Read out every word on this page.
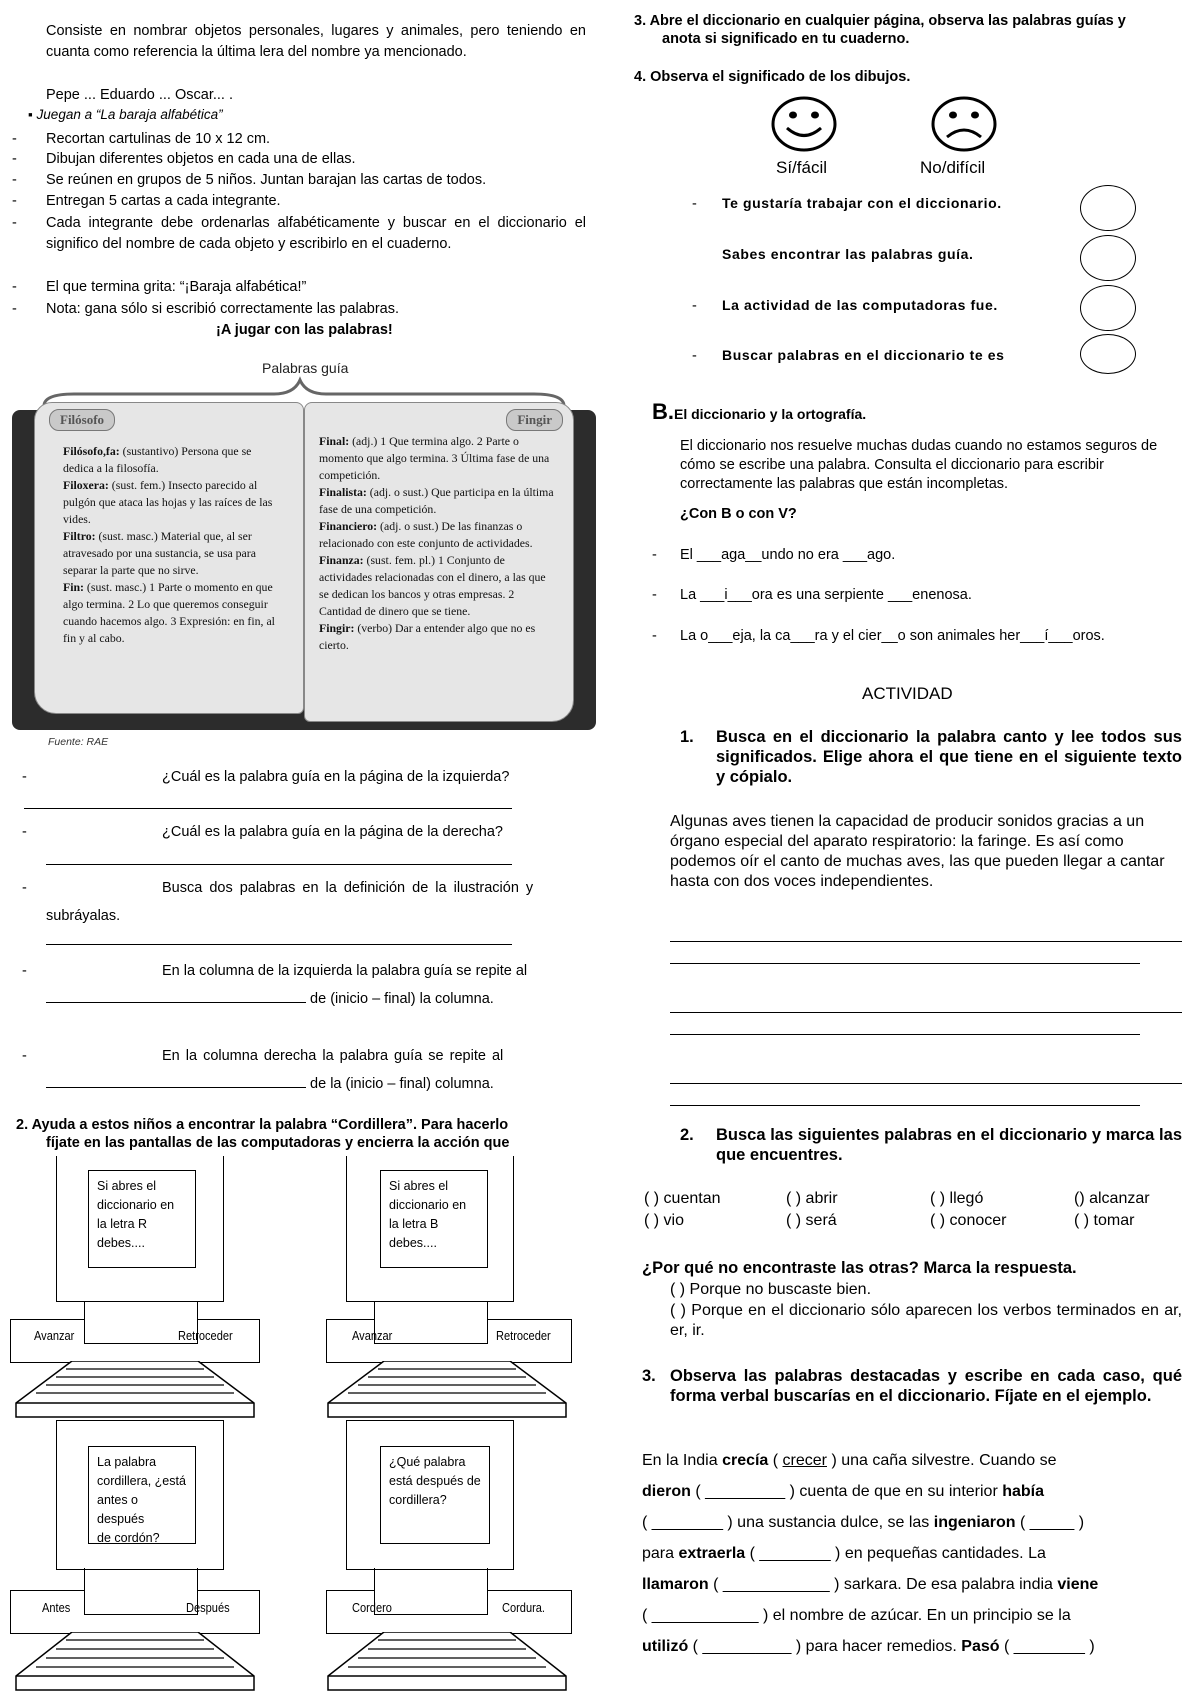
Consiste en nombrar objetos personales, lugares y animales, pero teniendo en cuanta como referencia la última lera del nombre ya mencionado.
Pepe ... Eduardo ... Oscar... .
▪ Juegan a “La baraja alfabética”
-	Recortan cartulinas de 10 x 12 cm.
-	Dibujan diferentes objetos en cada una de ellas.
-	Se reúnen en grupos de 5 niños. Juntan barajan las cartas de todos.
-	Entregan 5 cartas a cada integrante.
-	Cada integrante debe ordenarlas alfabéticamente y buscar en el diccionario el significo del nombre de cada objeto y escribirlo en el cuaderno.
-	El que termina grita: “¡Baraja alfabética!”
-	Nota: gana sólo si escribió correctamente las palabras.
¡A jugar con las palabras!
Palabras guía
Filósofo
Filósofo,fa: (sustantivo) Persona que se dedica a la filosofía.
Filoxera: (sust. fem.) Insecto parecido al pulgón que ataca las hojas y las raíces de las vides.
Filtro: (sust. masc.) Material que, al ser atravesado por una sustancia, se usa para separar la parte que no sirve.
Fin: (sust. masc.) 1 Parte o momento en que algo termina. 2 Lo que queremos conseguir cuando hacemos algo. 3 Expresión: en fin, al fin y al cabo.
Fingir
Final: (adj.) 1 Que termina algo. 2 Parte o momento que algo termina. 3 Última fase de una competición.
Finalista: (adj. o sust.) Que participa en la última fase de una competición.
Financiero: (adj. o sust.) De las finanzas o relacionado con este conjunto de actividades.
Finanza: (sust. fem. pl.) 1 Conjunto de actividades relacionadas con el dinero, a las que se dedican los bancos y otras empresas. 2 Cantidad de dinero que se tiene.
Fingir: (verbo) Dar a entender algo que no es cierto.
Fuente: RAE
-	¿Cuál es la palabra guía en la página de la izquierda?
-	¿Cuál es la palabra guía en la página de la derecha?
-	Busca dos palabras en la definición de la ilustración y
subráyalas.
-	En la columna de la izquierda la palabra guía se repite al
de (inicio – final) la columna.
-	En la columna derecha la palabra guía se repite al
de la (inicio – final) columna.
2. Ayuda a estos niños a encontrar la palabra “Cordillera”. Para hacerlo
fíjate en las pantallas de las computadoras y encierra la acción que
Si abres el
diccionario en
la letra R
debes....
Avanzar	Retroceder
Si abres el
diccionario en
la letra B
debes....
Avanzar	Retroceder
La palabra
cordillera, ¿está
antes o después
de cordón?
Antes	Después
¿Qué palabra
está después de
cordillera?
Cordero	Cordura.
3. Abre el diccionario en cualquier página, observa las palabras guías y
anota si significado en tu cuaderno.
4. Observa el significado de los dibujos.
Sí/fácil	No/difícil
- Te gustaría trabajar con el diccionario.
Sabes encontrar las palabras guía.
- La actividad de las computadoras fue.
- Buscar palabras en el diccionario te es
B.El diccionario y la ortografía.
El diccionario nos resuelve muchas dudas cuando no estamos seguros de cómo se escribe una palabra. Consulta el diccionario para escribir correctamente las palabras que están incompletas.
¿Con B o con V?
- El ___aga__undo no era ___ago.
- La ___i___ora es una serpiente ___enenosa.
- La o___eja, la ca___ra y el cier__o son animales her___í___oros.
ACTIVIDAD
1. Busca en el diccionario la palabra canto y lee todos sus significados. Elige ahora el que tiene en el siguiente texto y cópialo.
Algunas aves tienen la capacidad de producir sonidos gracias a un órgano especial del aparato respiratorio: la faringe. Es así como podemos oír el canto de muchas aves, las que pueden llegar a cantar hasta con dos voces independientes.
2. Busca las siguientes palabras en el diccionario y marca las que encuentres.
( ) cuentan	( ) abrir	( ) llegó	() alcanzar
( ) vio	( ) será	( ) conocer	( ) tomar
¿Por qué no encontraste las otras? Marca la respuesta.
( ) Porque no buscaste bien.
( ) Porque en el diccionario sólo aparecen los verbos terminados en ar, er, ir.
3. Observa las palabras destacadas y escribe en cada caso, qué forma verbal buscarías en el diccionario. Fíjate en el ejemplo.
En la India crecía ( crecer ) una caña silvestre. Cuando se
dieron ( _________ ) cuenta de que en su interior había
( ________ ) una sustancia dulce, se las ingeniaron ( _____ )
para extraerla ( ________ ) en pequeñas cantidades. La
llamaron ( ____________ ) sarkara. De esa palabra india viene
( ____________ ) el nombre de azúcar. En un principio se la
utilizó ( __________ ) para hacer remedios. Pasó ( ________ )
